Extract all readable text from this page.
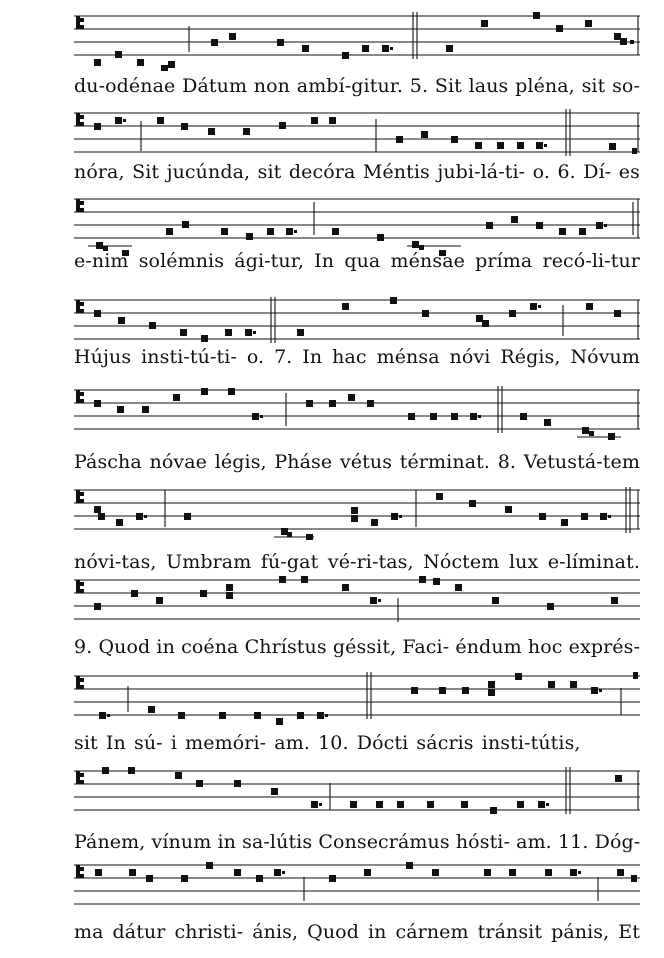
du-odénae Dátum non ambí-gitur. 5. Sit laus pléna, sit so-
nóra, Sit jucúnda, sit decóra Méntis jubi-lá-ti- o. 6. Dí- es
e-nim solémnis ági-tur, In qua ménsae príma recó-li-tur
Hújus insti-tú-ti- o. 7. In hac ménsa nóvi Régis, Nóvum
Páscha nóvae légis, Pháse vétus términat. 8. Vetustá-tem
nóvi-tas, Umbram fú-gat vé-ri-tas, Nóctem lux e-líminat.
9. Quod in coéna Chrístus géssit, Faci- éndum hoc exprés-
sit In sú- i memóri- am. 10. Dócti sácris insti-tútis,
Pánem, vínum in sa-lútis Consecrámus hósti- am. 11. Dóg-
ma dátur christi- ánis, Quod in cárnem tránsit pánis, Et
